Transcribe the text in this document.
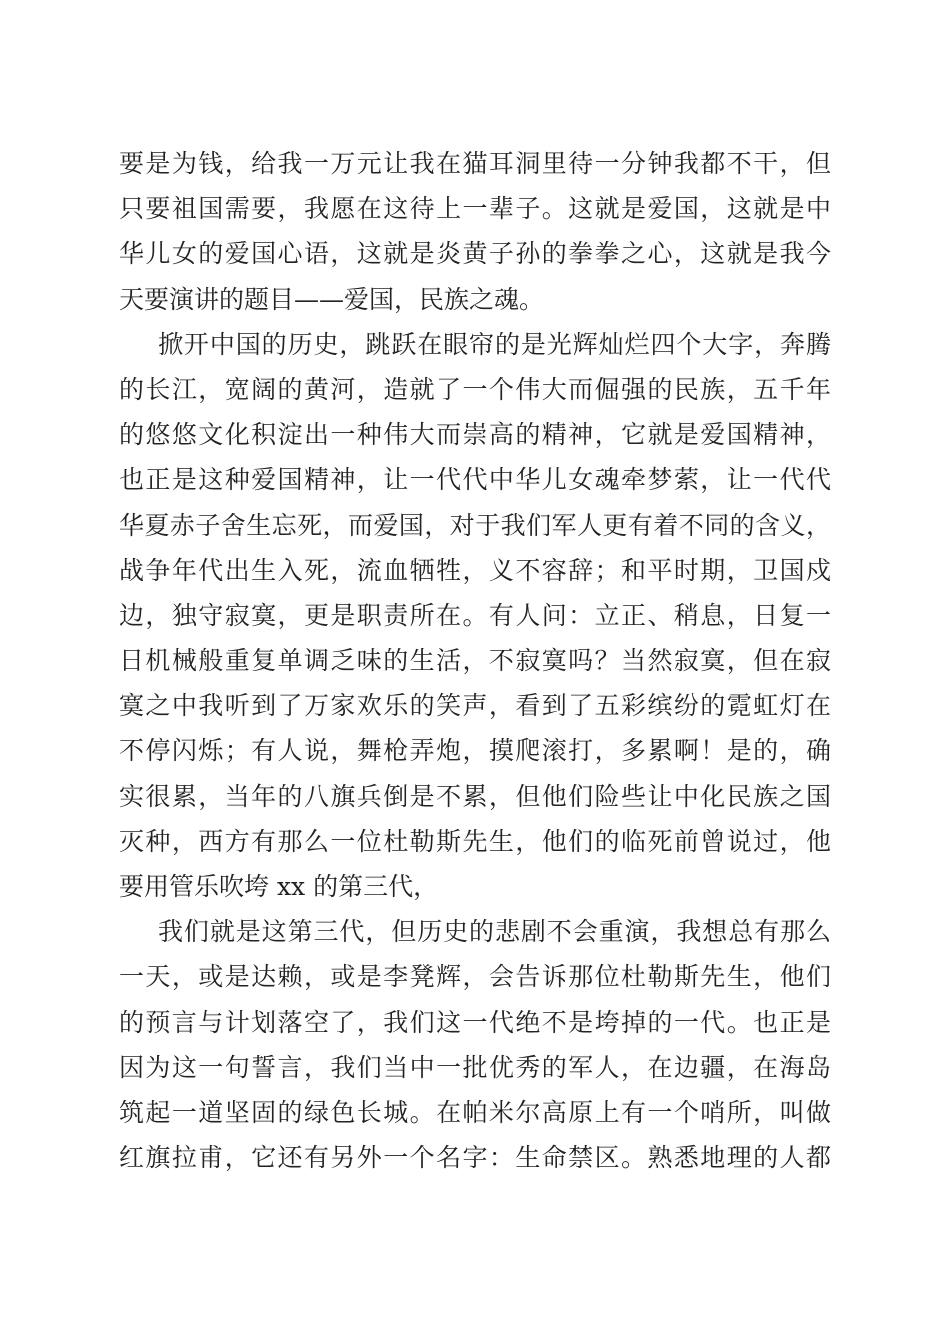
要是为钱，给我一万元让我在猫耳洞里待一分钟我都不干，但
只要祖国需要，我愿在这待上一辈子。这就是爱国，这就是中
华儿女的爱国心语，这就是炎黄子孙的拳拳之心，这就是我今
天要演讲的题目——爱国，民族之魂。
掀开中国的历史，跳跃在眼帘的是光辉灿烂四个大字，奔腾
的长江，宽阔的黄河，造就了一个伟大而倔强的民族，五千年
的悠悠文化积淀出一种伟大而崇高的精神，它就是爱国精神，
也正是这种爱国精神，让一代代中华儿女魂牵梦萦，让一代代
华夏赤子舍生忘死，而爱国，对于我们军人更有着不同的含义，
战争年代出生入死，流血牺牲，义不容辞；和平时期，卫国戍
边，独守寂寞，更是职责所在。有人问：立正、稍息，日复一
日机械般重复单调乏味的生活，不寂寞吗？当然寂寞，但在寂
寞之中我听到了万家欢乐的笑声，看到了五彩缤纷的霓虹灯在
不停闪烁；有人说，舞枪弄炮，摸爬滚打，多累啊！是的，确
实很累，当年的八旗兵倒是不累，但他们险些让中化民族之国
灭种，西方有那么一位杜勒斯先生，他们的临死前曾说过，他
要用管乐吹垮 xx 的第三代，
我们就是这第三代，但历史的悲剧不会重演，我想总有那么
一天，或是达赖，或是李凳辉，会告诉那位杜勒斯先生，他们
的预言与计划落空了，我们这一代绝不是垮掉的一代。也正是
因为这一句誓言，我们当中一批优秀的军人，在边疆，在海岛
筑起一道坚固的绿色长城。在帕米尔高原上有一个哨所，叫做
红旗拉甫，它还有另外一个名字：生命禁区。熟悉地理的人都
